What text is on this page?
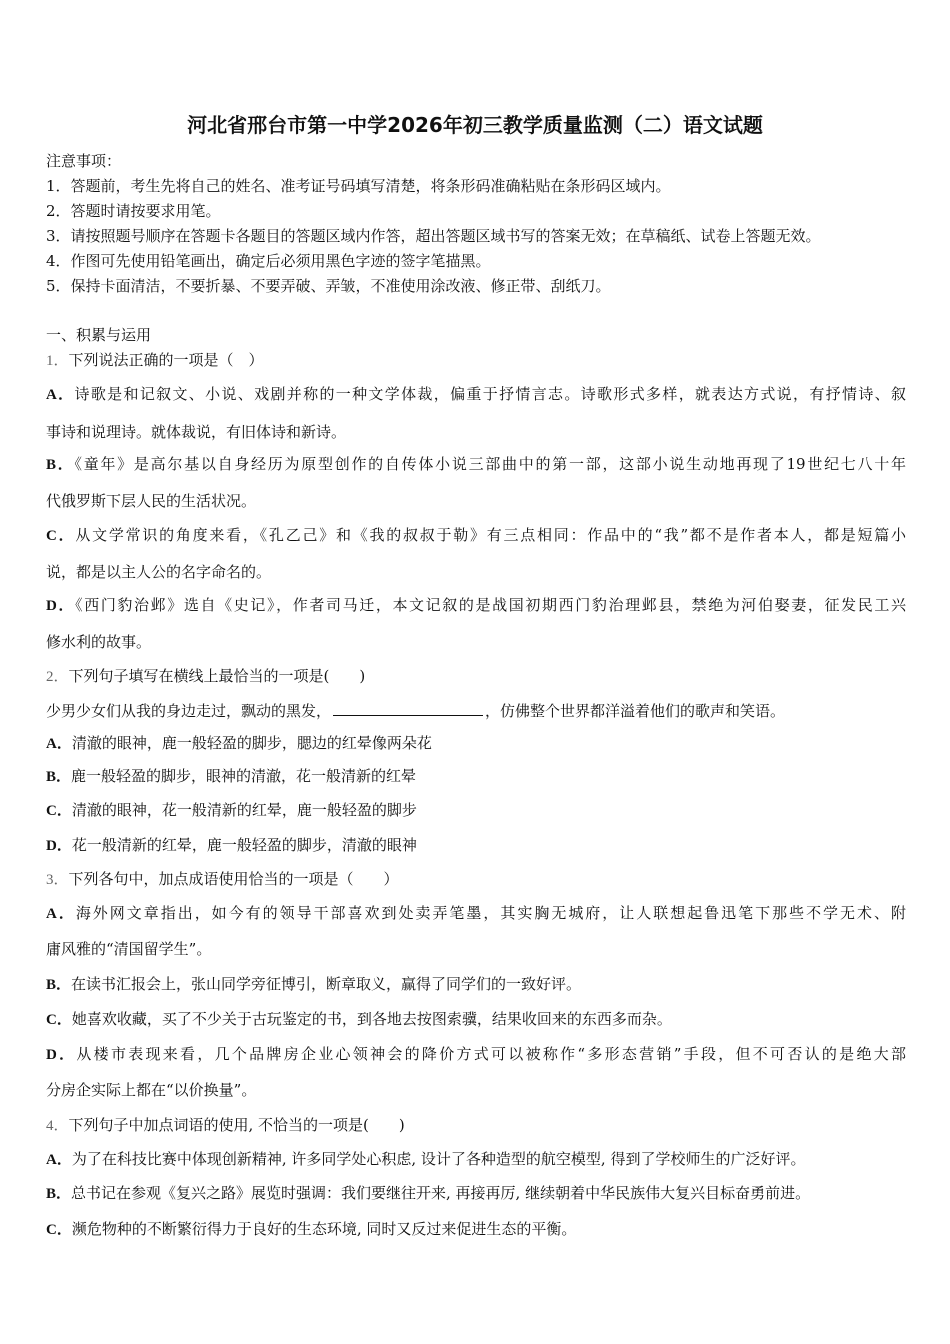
河北省邢台市第一中学2026年初三教学质量监测（二）语文试题
注意事项：
1．答题前，考生先将自己的姓名、准考证号码填写清楚，将条形码准确粘贴在条形码区域内。
2．答题时请按要求用笔。
3．请按照题号顺序在答题卡各题目的答题区域内作答，超出答题区域书写的答案无效；在草稿纸、试卷上答题无效。
4．作图可先使用铅笔画出，确定后必须用黑色字迹的签字笔描黑。
5．保持卡面清洁，不要折暴、不要弄破、弄皱，不准使用涂改液、修正带、刮纸刀。
一、积累与运用
1．下列说法正确的一项是（　）
A．诗歌是和记叙文、小说、戏剧并称的一种文学体裁，偏重于抒情言志。诗歌形式多样，就表达方式说，有抒情诗、叙
事诗和说理诗。就体裁说，有旧体诗和新诗。
B．《童年》是高尔基以自身经历为原型创作的自传体小说三部曲中的第一部，这部小说生动地再现了19世纪七八十年
代俄罗斯下层人民的生活状况。
C．从文学常识的角度来看，《孔乙己》和《我的叔叔于勒》有三点相同：作品中的“我”都不是作者本人，都是短篇小
说，都是以主人公的名字命名的。
D．《西门豹治邺》选自《史记》，作者司马迁，本文记叙的是战国初期西门豹治理邺县，禁绝为河伯娶妻，征发民工兴
修水利的故事。
2．下列句子填写在横线上最恰当的一项是(　　)
少男少女们从我的身边走过，飘动的黑发，	，仿佛整个世界都洋溢着他们的歌声和笑语。
A．清澈的眼神，鹿一般轻盈的脚步，腮边的红晕像两朵花
B．鹿一般轻盈的脚步，眼神的清澈，花一般清新的红晕
C．清澈的眼神，花一般清新的红晕，鹿一般轻盈的脚步
D．花一般清新的红晕，鹿一般轻盈的脚步，清澈的眼神
3．下列各句中，加点成语使用恰当的一项是（　　）
A．海外网文章指出，如今有的领导干部喜欢到处卖弄笔墨，其实胸无城府，让人联想起鲁迅笔下那些不学无术、附
庸风雅的“清国留学生”。
B．在读书汇报会上，张山同学旁征博引，断章取义，赢得了同学们的一致好评。
C．她喜欢收藏，买了不少关于古玩鉴定的书，到各地去按图索骥，结果收回来的东西多而杂。
D．从楼市表现来看，几个品牌房企业心领神会的降价方式可以被称作“多形态营销”手段，但不可否认的是绝大部
分房企实际上都在“以价换量”。
4．下列句子中加点词语的使用, 不恰当的一项是(　　)
A．为了在科技比赛中体现创新精神, 许多同学处心积虑, 设计了各种造型的航空模型, 得到了学校师生的广泛好评。
B．总书记在参观《复兴之路》展览时强调：我们要继往开来, 再接再厉, 继续朝着中华民族伟大复兴目标奋勇前进。
C．濒危物种的不断繁衍得力于良好的生态环境, 同时又反过来促进生态的平衡。
